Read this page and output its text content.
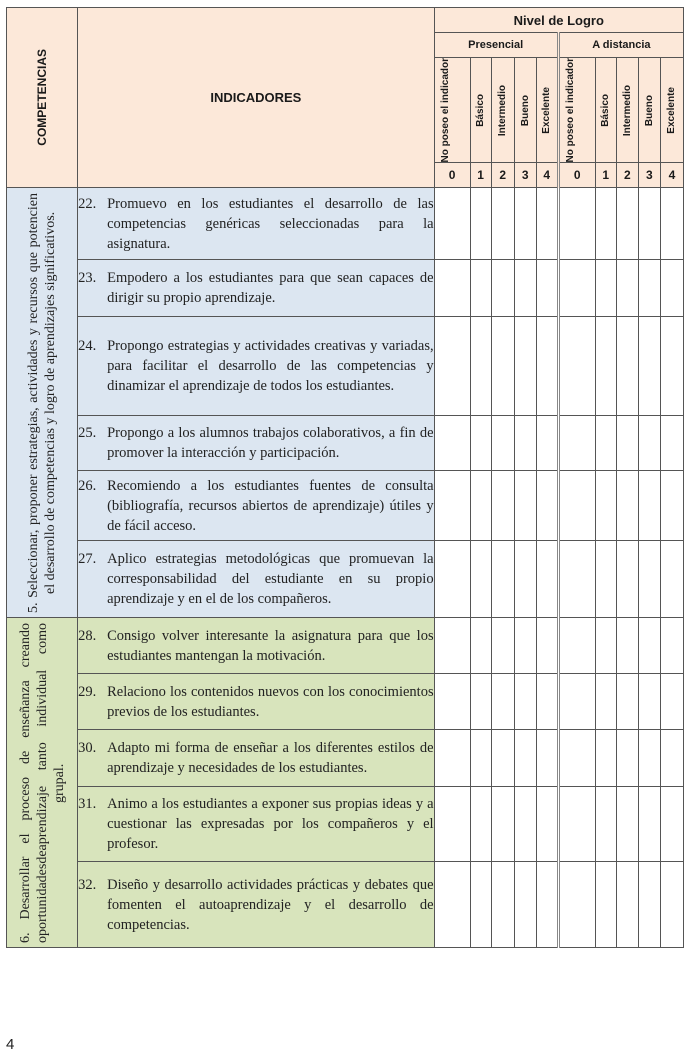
COMPETENCIAS	INDICADORES	Nivel de Logro									
		Presencial					A distancia				

		No poseo el indicador	Básico	Intermedio	Bueno	Excelente	No poseo el indicador	Básico	Intermedio	Bueno	Excelente

		0	1	2	3	4	0	1	2	3	4

5. Seleccionar, proponer estrategias, actividades y recursos que potencien el desarrollo de competencias y logro de aprendizajes significativos.	22. Promuevo en los estudiantes el desarrollo de las competencias genéricas seleccionadas para la asignatura.										

	23. Empodero a los estudiantes para que sean capaces de dirigir su propio aprendizaje.										

	24. Propongo estrategias y actividades creativas y variadas, para facilitar el desarrollo de las competencias y dinamizar el aprendizaje de todos los estudiantes.										

	25. Propongo a los alumnos trabajos colaborativos, a fin de promover la interacción y participación.										

	26. Recomiendo a los estudiantes fuentes de consulta (bibliografía, recursos abiertos de aprendizaje) útiles y de fácil acceso.										

	27. Aplico estrategias metodológicas que promuevan la corresponsabilidad del estudiante en su propio aprendizaje y en el de los compañeros.										

6. Desarrollar el proceso de enseñanza creando oportunidadesdeaprendizaje tanto individual como grupal.	28. Consigo volver interesante la asignatura para que los estudiantes mantengan la motivación.										

	29. Relaciono los contenidos nuevos con los conocimientos previos de los estudiantes.										

	30. Adapto mi forma de enseñar a los diferentes estilos de aprendizaje y necesidades de los estudiantes.										

	31. Animo a los estudiantes a exponer sus propias ideas y a cuestionar las expresadas por los compañeros y el profesor.										

	32. Diseño y desarrollo actividades prácticas y debates que fomenten el autoaprendizaje y el desarrollo de competencias.										

4
